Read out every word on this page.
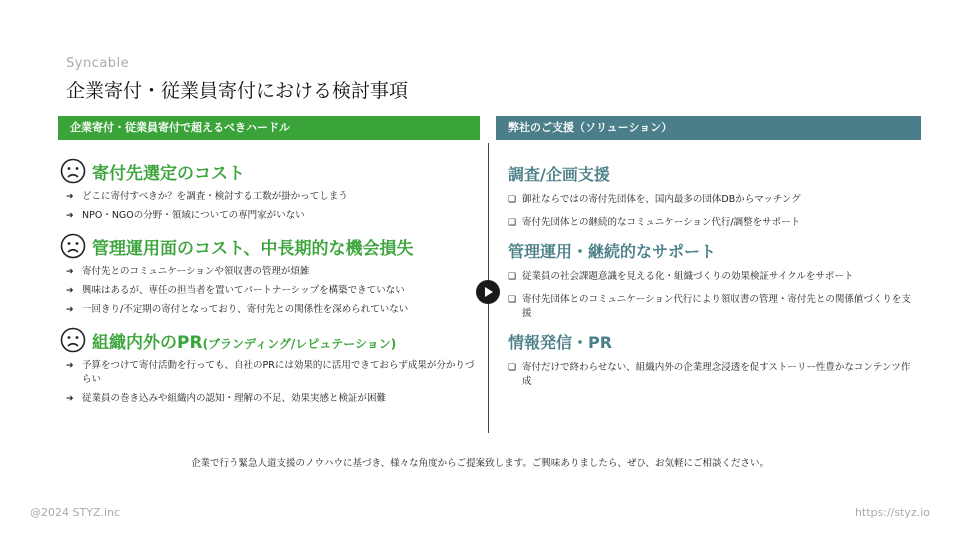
Syncable
企業寄付・従業員寄付における検討事項
企業寄付・従業員寄付で超えるべきハードル	弊社のご支援（ソリューション）
寄付先選定のコスト
➔ どこに寄付すべきか？を調査・検討する工数が掛かってしまう
➔ NPO・NGOの分野・領域についての専門家がいない
管理運用面のコスト、中長期的な機会損失
➔ 寄付先とのコミュニケーションや領収書の管理が煩雑
➔ 興味はあるが、専任の担当者を置いてパートナーシップを構築できていない
➔ 一回きり/不定期の寄付となっており、寄付先との関係性を深められていない
組織内外のPR(ブランディング/レピュテーション)
➔ 予算をつけて寄付活動を行っても、自社のPRには効果的に活用できておらず成果が分かりづらい
➔ 従業員の巻き込みや組織内の認知・理解の不足、効果実感と検証が困難
調査/企画支援
❑ 御社ならではの寄付先団体を、国内最多の団体DBからマッチング
❑ 寄付先団体との継続的なコミュニケーション代行/調整をサポート
管理運用・継続的なサポート
❑ 従業員の社会課題意識を見える化・組織づくりの効果検証サイクルをサポート
❑ 寄付先団体とのコミュニケーション代行により領収書の管理・寄付先との関係値づくりを支援
情報発信・PR
❑ 寄付だけで終わらせない、組織内外の企業理念浸透を促すストーリー性豊かなコンテンツ作成
企業で行う緊急人道支援のノウハウに基づき、様々な角度からご提案致します。ご興味ありましたら、ぜひ、お気軽にご相談ください。
@2024 STYZ.inc	https://styz.io
